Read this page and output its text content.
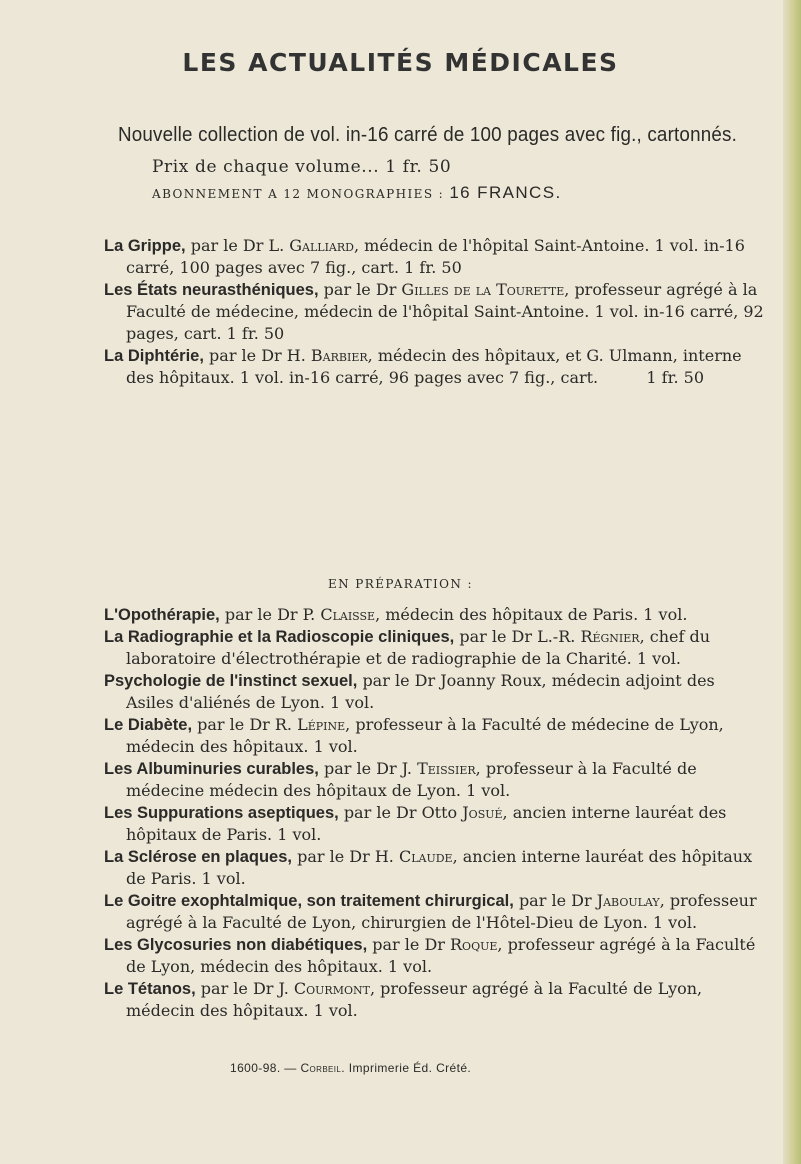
LES ACTUALITÉS MÉDICALES
Nouvelle collection de vol. in-16 carré de 100 pages avec fig., cartonnés.
Prix de chaque volume... 1 fr. 50
ABONNEMENT A 12 MONOGRAPHIES : 16 FRANCS.

La Grippe, par le Dr L. Galliard, médecin de l'hôpital Saint-Antoine. 1 vol. in-16 carré, 100 pages avec 7 fig., cart. 1 fr. 50

Les États neurasthéniques, par le Dr Gilles de la Tourette, professeur agrégé à la Faculté de médecine, médecin de l'hôpital Saint-Antoine. 1 vol. in-16 carré, 92 pages, cart. 1 fr. 50

La Diphtérie, par le Dr H. Barbier, médecin des hôpitaux, et G. Ulmann, interne des hôpitaux. 1 vol. in-16 carré, 96 pages avec 7 fig., cart.	1 fr. 50

EN PRÉPARATION :

L'Opothérapie, par le Dr P. Claisse, médecin des hôpitaux de Paris. 1 vol.

La Radiographie et la Radioscopie cliniques, par le Dr L.-R. Régnier, chef du laboratoire d'électrothérapie et de radiographie de la Charité. 1 vol.

Psychologie de l'instinct sexuel, par le Dr Joanny Roux, médecin adjoint des Asiles d'aliénés de Lyon. 1 vol.

Le Diabète, par le Dr R. Lépine, professeur à la Faculté de médecine de Lyon, médecin des hôpitaux. 1 vol.

Les Albuminuries curables, par le Dr J. Teissier, professeur à la Faculté de médecine médecin des hôpitaux de Lyon. 1 vol.

Les Suppurations aseptiques, par le Dr Otto Josué, ancien interne lauréat des hôpitaux de Paris. 1 vol.

La Sclérose en plaques, par le Dr H. Claude, ancien interne lauréat des hôpitaux de Paris. 1 vol.

Le Goitre exophtalmique, son traitement chirurgical, par le Dr Jaboulay, professeur agrégé à la Faculté de Lyon, chirurgien de l'Hôtel-Dieu de Lyon. 1 vol.

Les Glycosuries non diabétiques, par le Dr Roque, professeur agrégé à la Faculté de Lyon, médecin des hôpitaux. 1 vol.

Le Tétanos, par le Dr J. Courmont, professeur agrégé à la Faculté de Lyon, médecin des hôpitaux. 1 vol.

1600-98. — Corbeil. Imprimerie Éd. Crété.
